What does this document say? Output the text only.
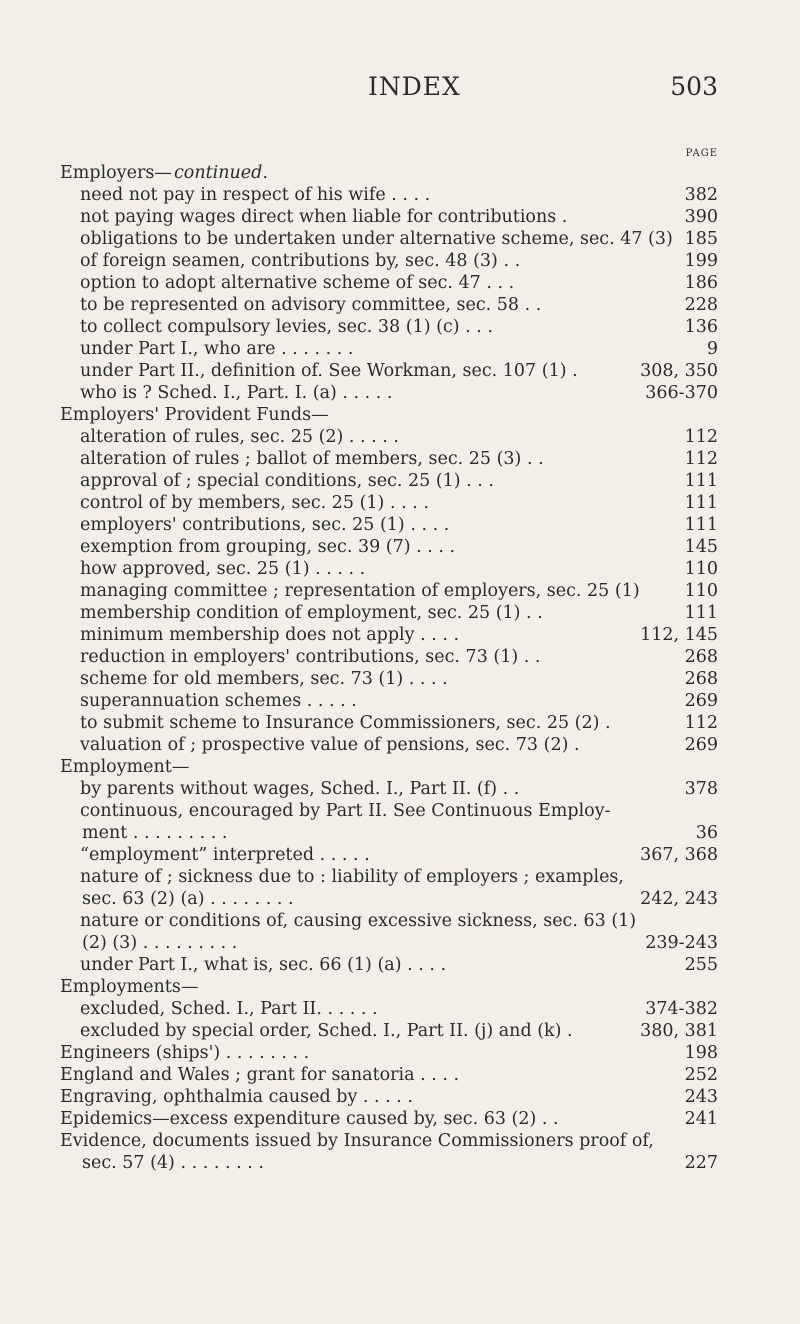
INDEX	503
PAGE
Employers— continued.
need not pay in respect of his wife . . . .	382
not paying wages direct when liable for contributions .	390
obligations to be undertaken under alternative scheme, sec. 47 (3) 185
of foreign seamen, contributions by, sec. 48 (3) . .	199
option to adopt alternative scheme of sec. 47 . . .	186
to be represented on advisory committee, sec. 58 . .	228
to collect compulsory levies, sec. 38 (1) (c) . . .	136
under Part I., who are . . . . . . .	9
under Part II., definition of. See Workman, sec. 107 (1) .	308, 350
who is ? Sched. I., Part. I. (a) . . . . .	366-370
Employers' Provident Funds—
alteration of rules, sec. 25 (2) . . . . .	112
alteration of rules ; ballot of members, sec. 25 (3) . .	112
approval of ; special conditions, sec. 25 (1) . . .	111
control of by members, sec. 25 (1) . . . .	111
employers' contributions, sec. 25 (1) . . . .	111
exemption from grouping, sec. 39 (7) . . . .	145
how approved, sec. 25 (1) . . . . .	110
managing committee ; representation of employers, sec. 25 (1)	110
membership condition of employment, sec. 25 (1) . .	111
minimum membership does not apply . . . .	112, 145
reduction in employers' contributions, sec. 73 (1) . .	268
scheme for old members, sec. 73 (1) . . . .	268
superannuation schemes . . . . .	269
to submit scheme to Insurance Commissioners, sec. 25 (2) .	112
valuation of ; prospective value of pensions, sec. 73 (2) .	269
Employment—
by parents without wages, Sched. I., Part II. (f) . .	378
continuous, encouraged by Part II. See Continuous Employ-
ment . . . . . . . . .	36
“employment” interpreted . . . . .	367, 368
nature of ; sickness due to : liability of employers ; examples,
sec. 63 (2) (a) . . . . . . . .	242, 243
nature or conditions of, causing excessive sickness, sec. 63 (1)
(2) (3) . . . . . . . . .	239-243
under Part I., what is, sec. 66 (1) (a) . . . .	255
Employments—
excluded, Sched. I., Part II. . . . . .	374-382
excluded by special order, Sched. I., Part II. (j) and (k) .	380, 381
Engineers (ships') . . . . . . . .	198
England and Wales ; grant for sanatoria . . . .	252
Engraving, ophthalmia caused by . . . . .	243
Epidemics—excess expenditure caused by, sec. 63 (2) . .	241
Evidence, documents issued by Insurance Commissioners proof of,
sec. 57 (4) . . . . . . . .	227
